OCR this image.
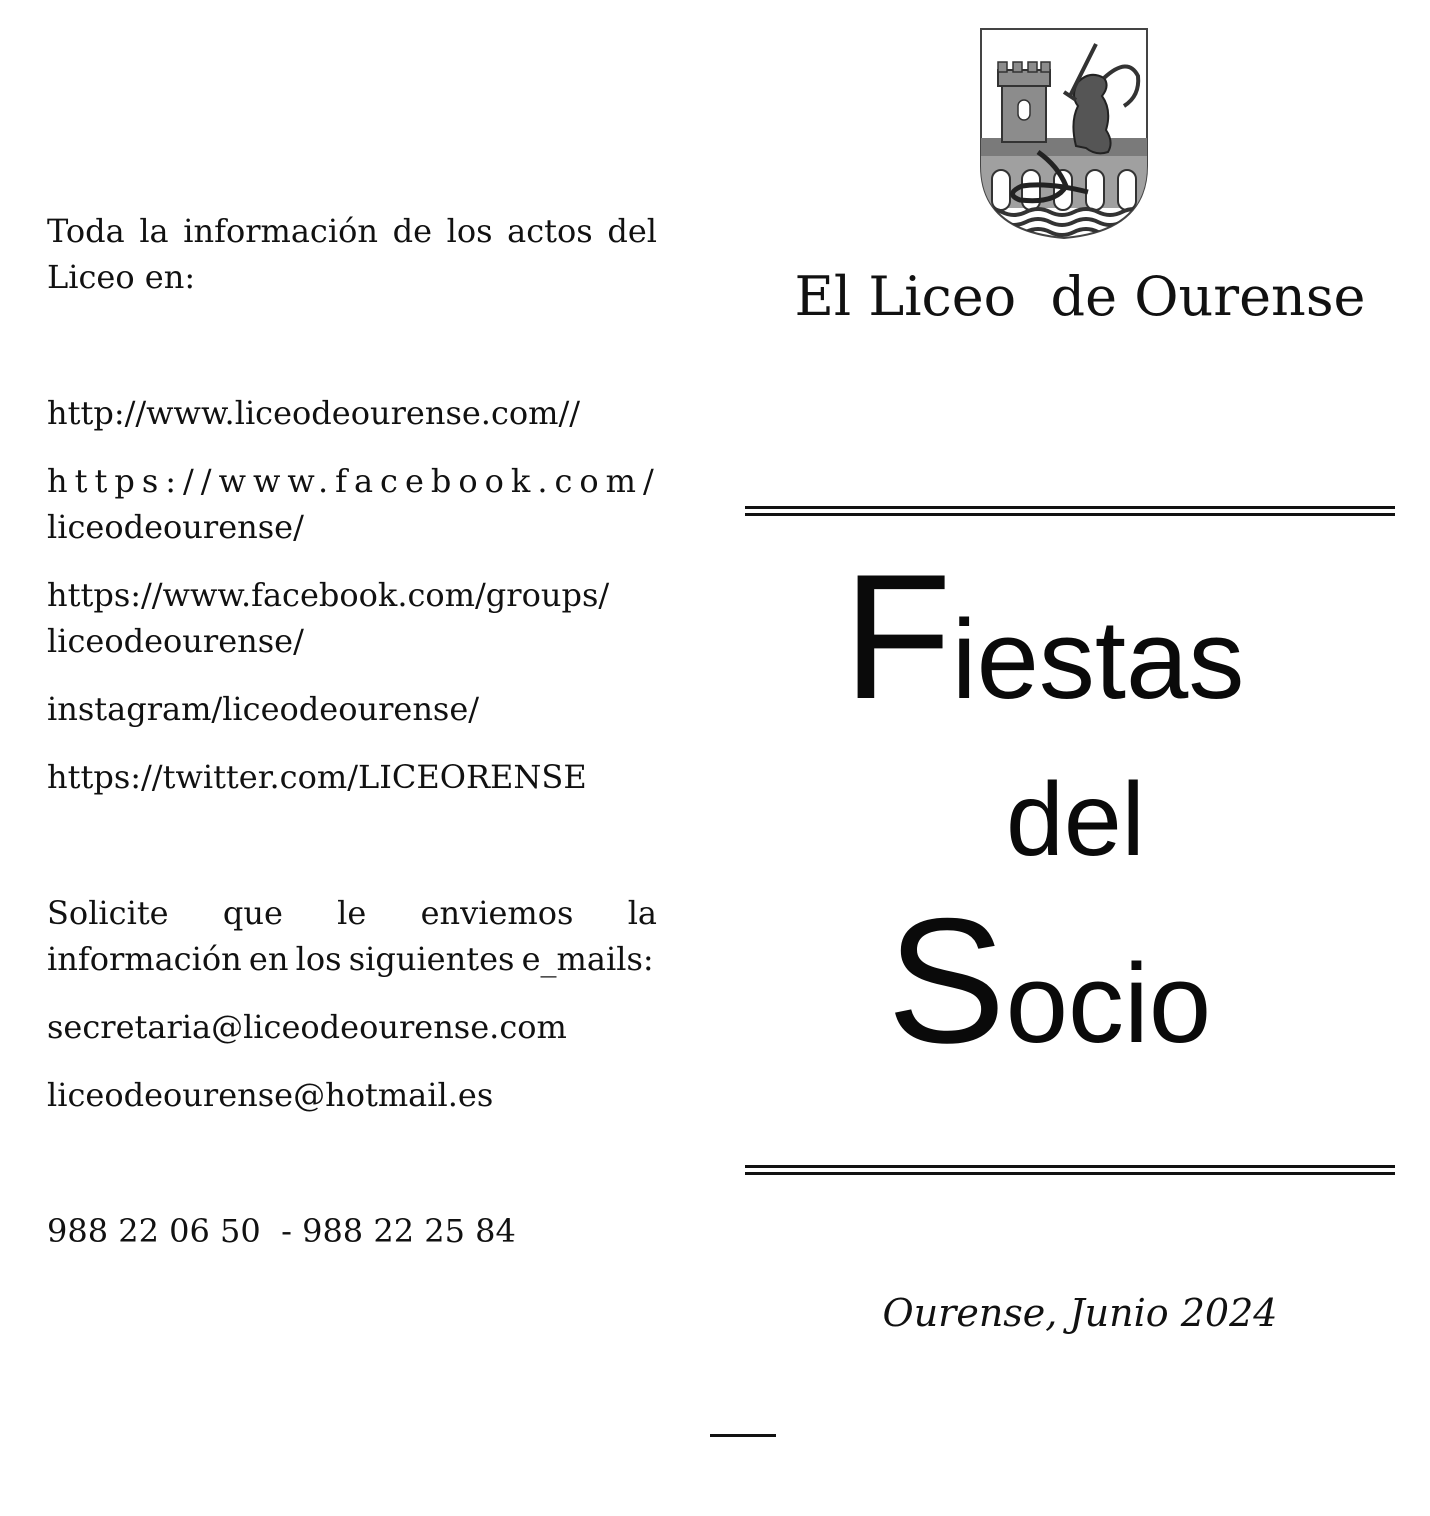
Toda la información de los actos del Liceo en:
http://www.liceodeourense.com//
https://www.facebook.com/
liceodeourense/
https://www.facebook.com/groups/
liceodeourense/
instagram/liceodeourense/
https://twitter.com/LICEORENSE
Solicite que le enviemos la información en los siguientes e_mails:
secretaria@liceodeourense.com
liceodeourense@hotmail.es
988 22 06 50  - 988 22 25 84
El Liceo  de Ourense
Fiestas
del
Socio
Ourense, Junio 2024
